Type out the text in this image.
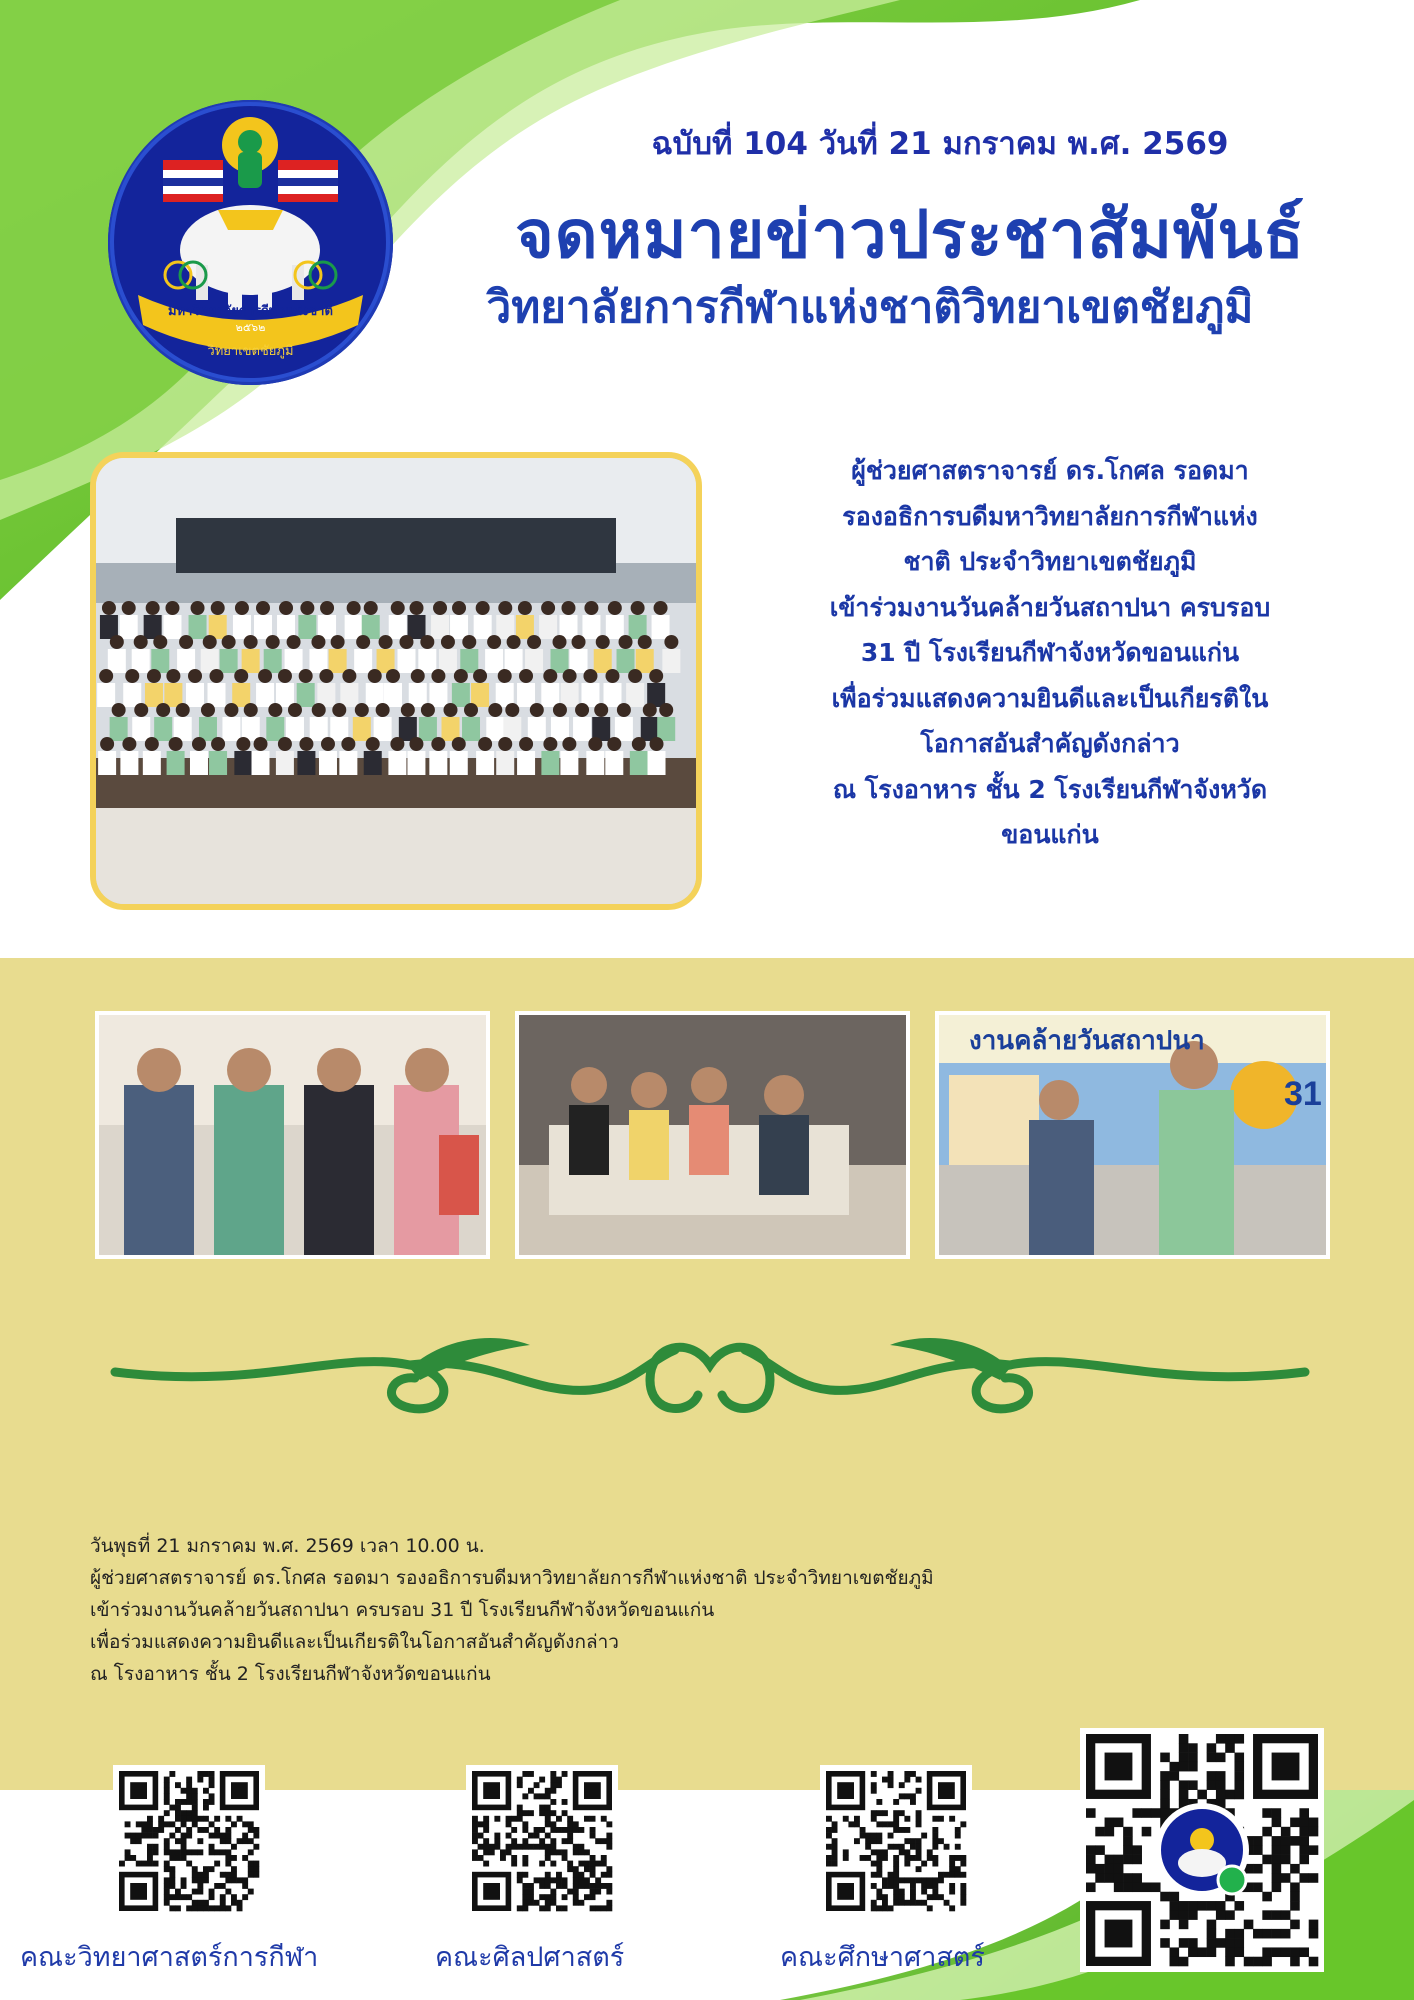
มหาวิทยาลัยการกีฬาแห่งชาติ
๒๕๖๒
วิทยาเขตชัยภูมิ
ฉบับที่ 104 วันที่ 21 มกราคม พ.ศ. 2569
จดหมายข่าวประชาสัมพันธ์
วิทยาลัยการกีฬาแห่งชาติวิทยาเขตชัยภูมิ
ผู้ช่วยศาสตราจารย์ ดร.โกศล รอดมา
รองอธิการบดีมหาวิทยาลัยการกีฬาแห่ง
ชาติ ประจำวิทยาเขตชัยภูมิ
เข้าร่วมงานวันคล้ายวันสถาปนา ครบรอบ
31 ปี โรงเรียนกีฬาจังหวัดขอนแก่น
เพื่อร่วมแสดงความยินดีและเป็นเกียรติใน
โอกาสอันสำคัญดังกล่าว
ณ โรงอาหาร ชั้น 2 โรงเรียนกีฬาจังหวัด
ขอนแก่น
งานคล้ายวันสถาปนา
31
วันพุธที่ 21 มกราคม พ.ศ. 2569 เวลา 10.00 น.
ผู้ช่วยศาสตราจารย์ ดร.โกศล รอดมา รองอธิการบดีมหาวิทยาลัยการกีฬาแห่งชาติ ประจำวิทยาเขตชัยภูมิ
เข้าร่วมงานวันคล้ายวันสถาปนา ครบรอบ 31 ปี โรงเรียนกีฬาจังหวัดขอนแก่น
เพื่อร่วมแสดงความยินดีและเป็นเกียรติในโอกาสอันสำคัญดังกล่าว
ณ โรงอาหาร ชั้น 2 โรงเรียนกีฬาจังหวัดขอนแก่น
คณะวิทยาศาสตร์การกีฬา	คณะศิลปศาสตร์	คณะศึกษาศาสตร์
